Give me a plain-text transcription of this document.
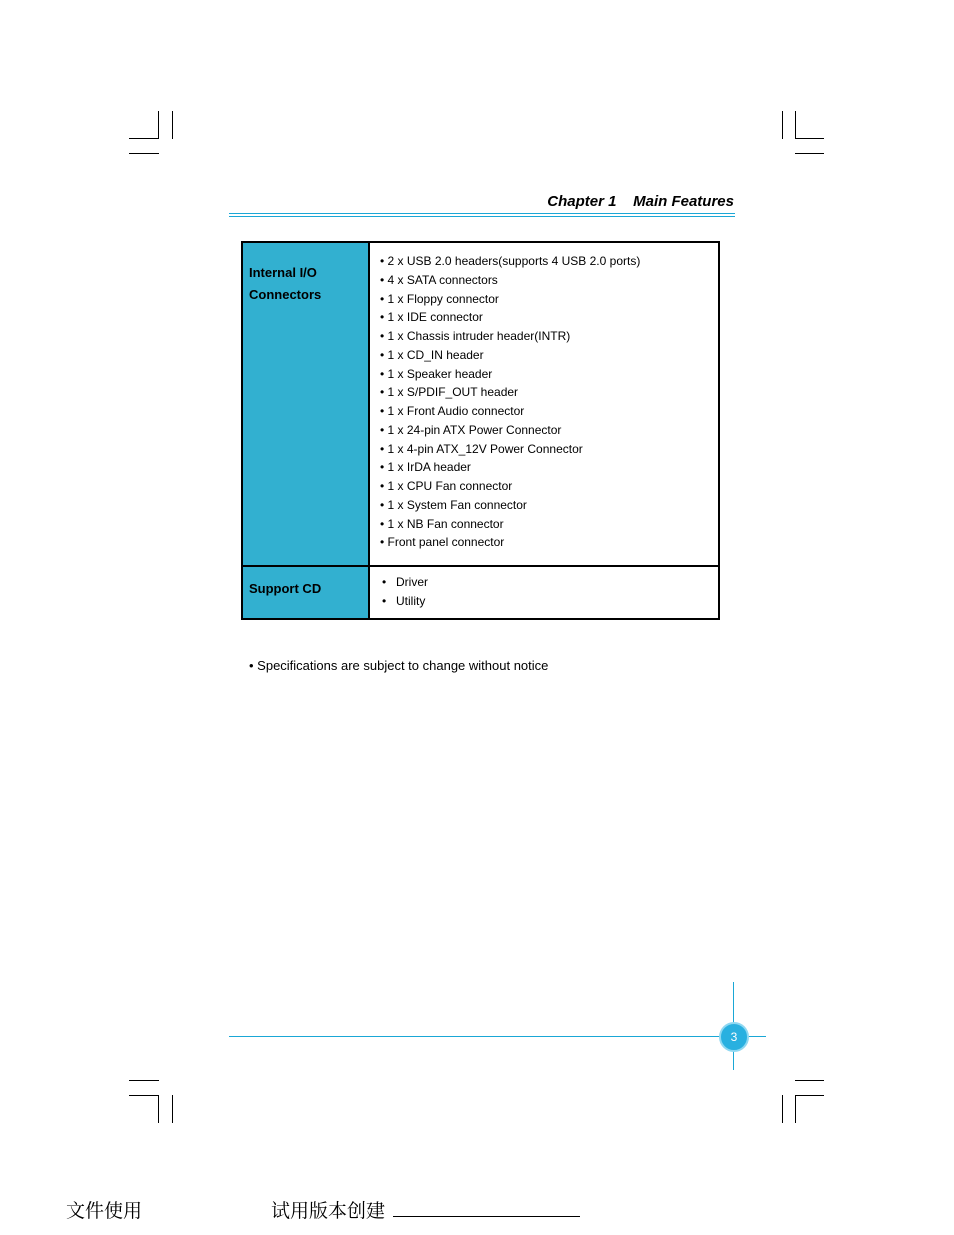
Chapter 1 Main Features
Internal I/O
Connectors
• 2 x USB 2.0 headers(supports 4 USB 2.0 ports)
• 4 x SATA connectors
• 1 x Floppy connector
• 1 x IDE connector
• 1 x Chassis intruder header(INTR)
• 1 x CD_IN header
• 1 x Speaker header
• 1 x S/PDIF_OUT header
• 1 x Front Audio connector
• 1 x 24-pin ATX Power Connector
• 1 x 4-pin ATX_12V Power Connector
• 1 x IrDA header
• 1 x CPU Fan connector
• 1 x System Fan connector
• 1 x NB Fan connector
• Front panel connector
Support CD	• Driver
• Utility
• Specifications are subject to change without notice
3
文件使用	试用版本创建
